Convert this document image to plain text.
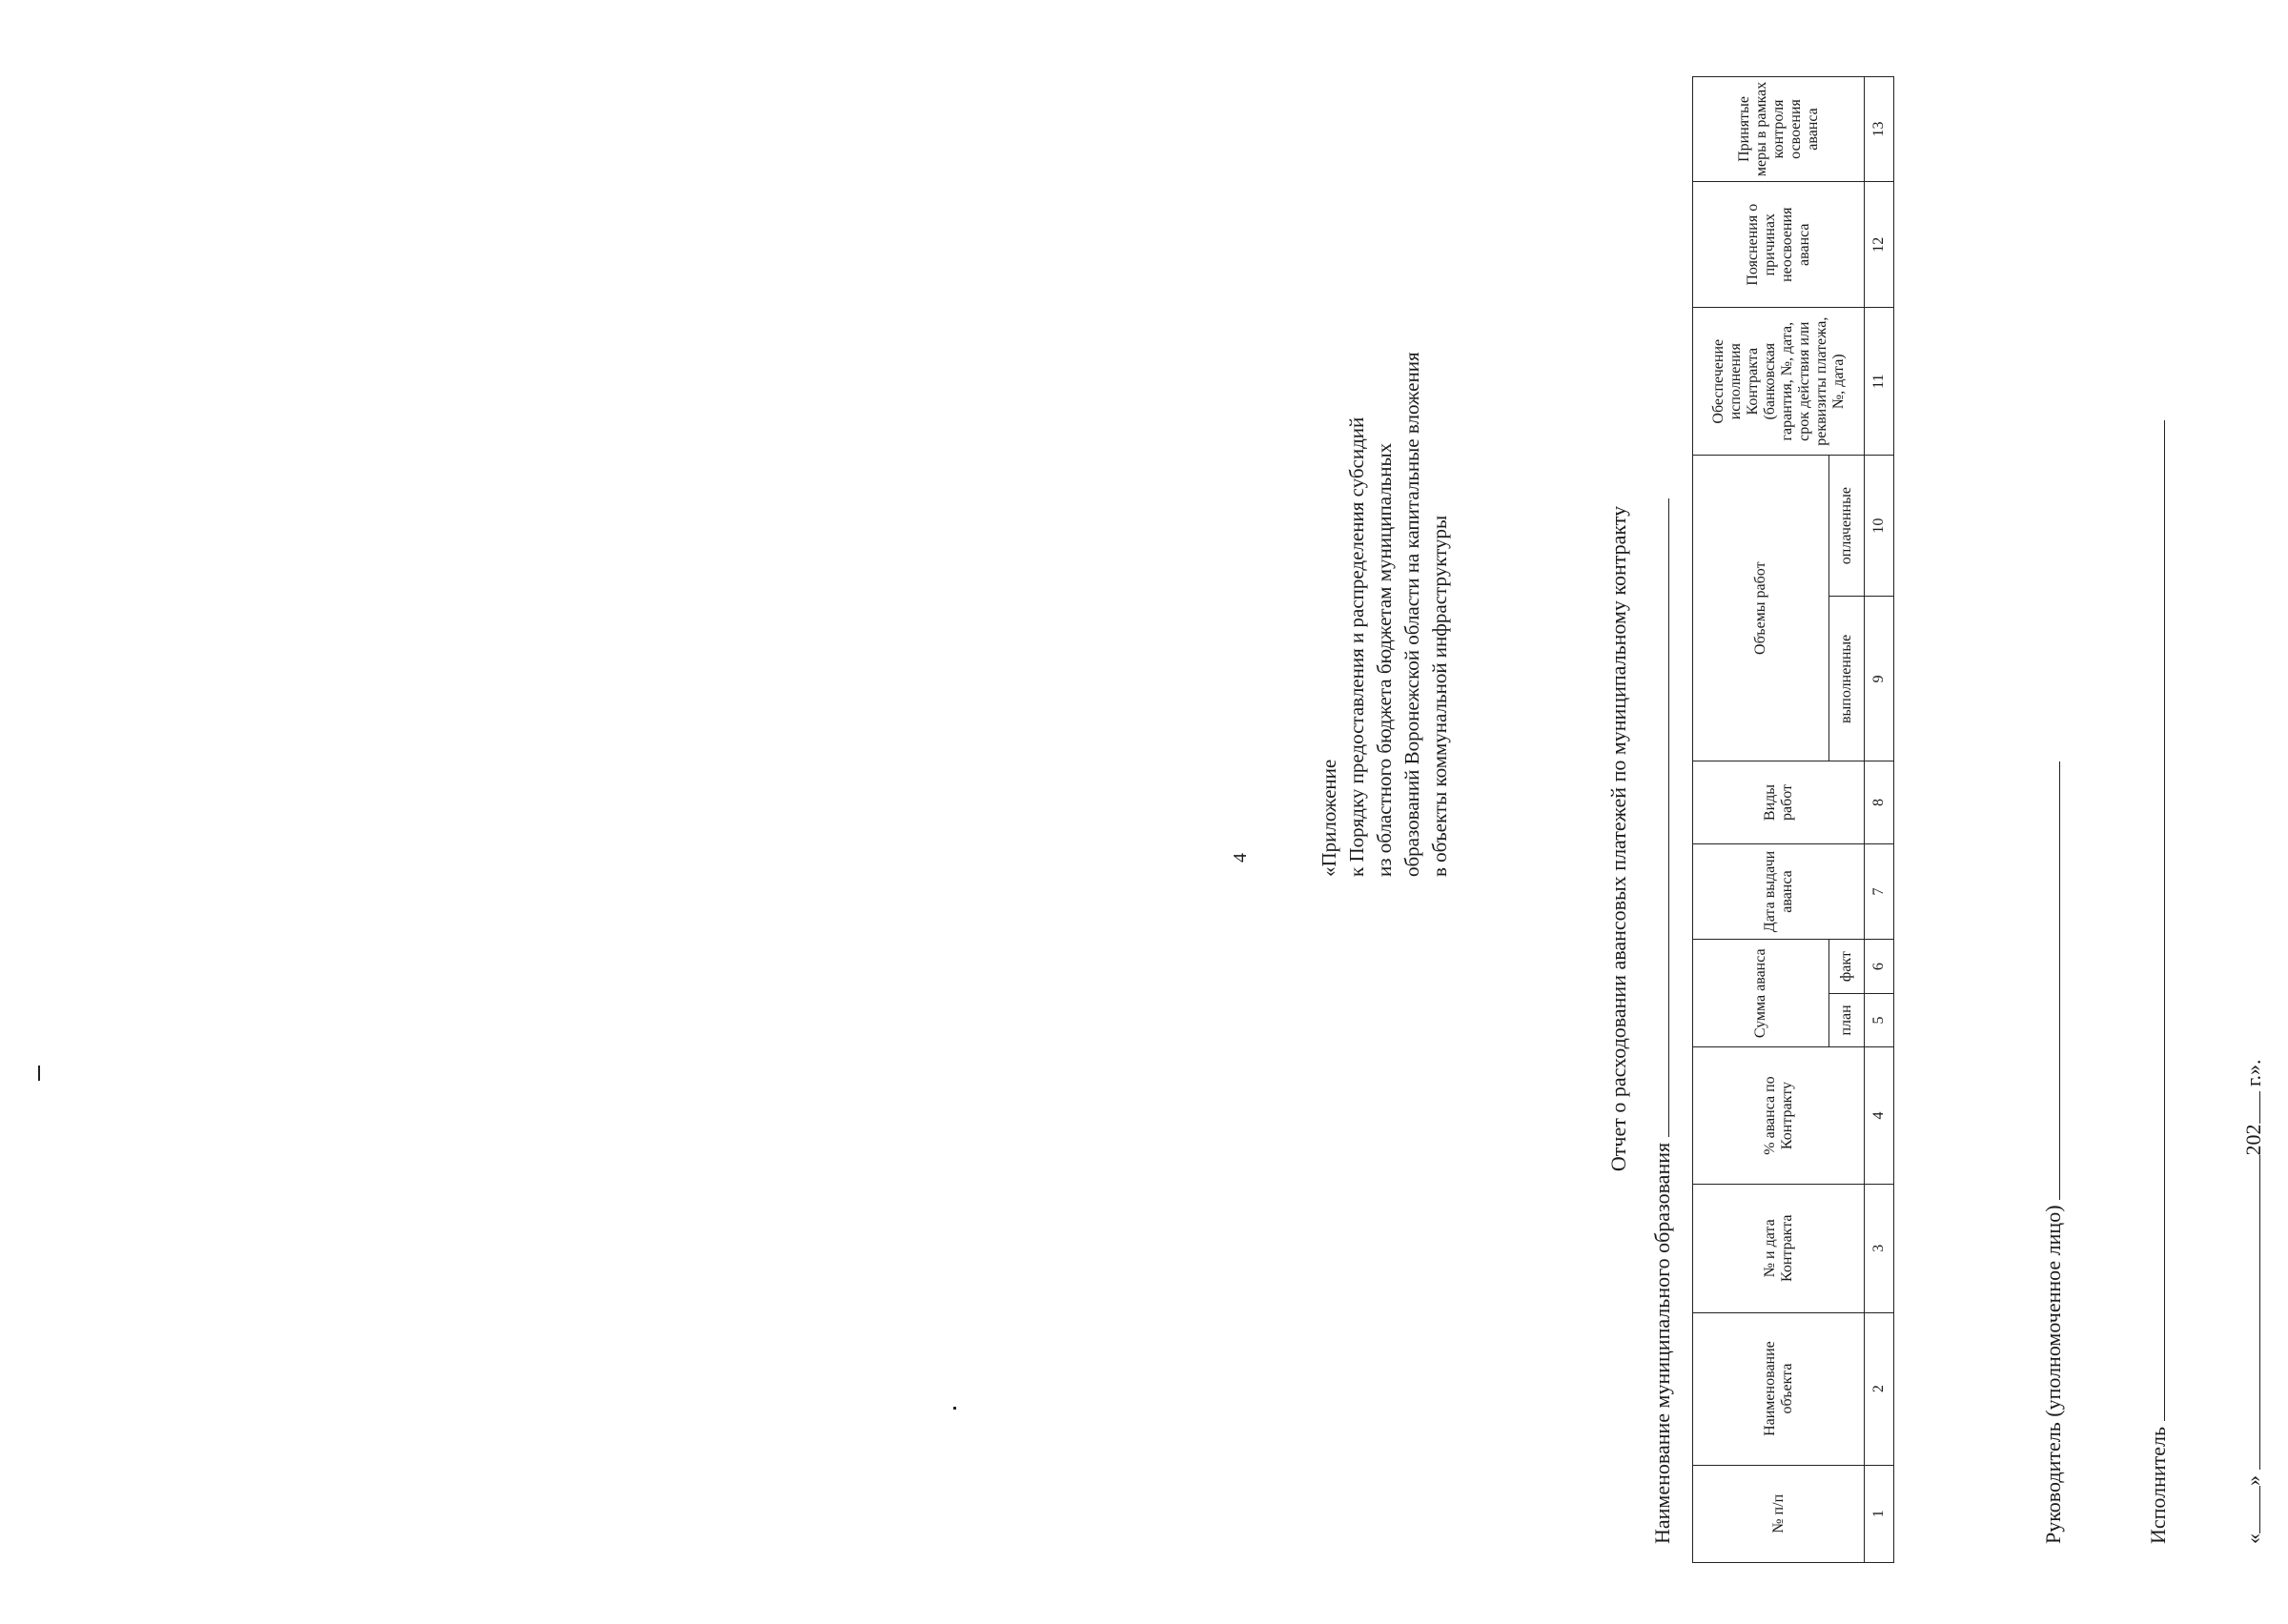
4	«Приложение к Порядку предоставления и распределения субсидий из областного бюджета бюджетам муниципальных образований Воронежской области на капитальные вложения в объекты коммунальной инфраструктуры	Отчет о расходовании авансовых платежей по муниципальному контракту
Наименование муниципального образования	№ п/п	Наименование объекта	№ и дата Контракта	% аванса по Контракту	Сумма аванса		Дата выдачи аванса	Виды работ	Объемы работ		Обеспечение исполнения Контракта (банковская гарантия, №, дата, срок действия или реквизиты платежа, №, дата)	Пояснения о причинах неосвоения аванса	Принятые меры в рамках контроля освоения аванса
				план	факт			выполненные	оплаченные			
1	2	3	4	5	6	7	8	9	10	11	12	13
Руководитель (уполномоченное лицо)	Исполнитель	«» 202 г.».
